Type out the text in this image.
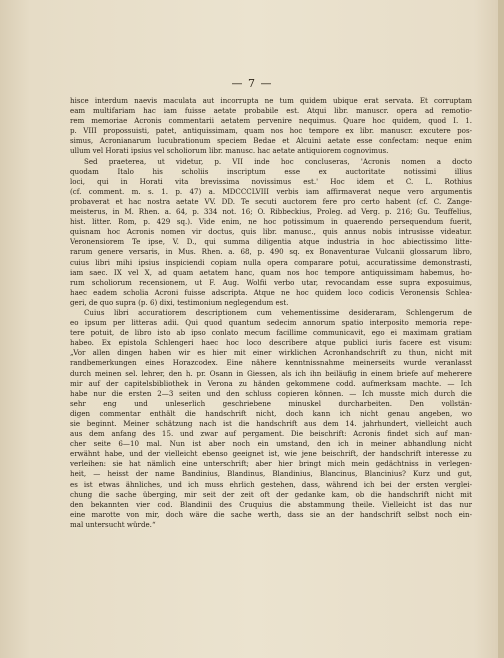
— 7 —

hisce interdum naevis maculata aut incorrupta ne tum quidem ubique erat servata. Et corruptam
eam multifariam hac iam fuisse aetate probabile est. Atqui libr. manuscr. opera ad remotio-
rem memoriae Acronis commentarii aetatem pervenire nequimus. Quare hoc quidem, quod I. 1.
p. VIII propossuisti, patet, antiquissimam, quam nos hoc tempore ex libr. manuscr. excutere pos-
simus, Acronianarum lucubrationum speciem Bedae et Alcuini aetate esse confectam: neque enim
ullum vel Horati ipsius vel scholiorum libr. manusc. hac aetate antiquiorem cognovimus.

Sed praeterea, ut videtur, p. VII inde hoc concluseras, 'Acronis nomen a docto
quodam Italo his scholiis inscriptum esse ex auctoritate notissimi illius
loci, qui in Horati vita brevissima novissimus est.' Hoc idem et C. L. Rothius
(cf. comment. m. s. 1. p. 47) a. MDCCCLVIII verbis iam affirmaverat neque vero argumentis
probaverat et hac nostra aetate VV. DD. Te secuti auctorem fere pro certo habent (cf. C. Zange-
meisterus, in M. Rhen. a. 64, p. 334 not. 16; O. Ribbeckius, Proleg. ad Verg. p. 216; Gu. Teuffelius,
hist. litter. Rom, p. 429 sq.). Vide enim, ne hoc potissimum in quaerendo persequendum fuerit,
quisnam hoc Acronis nomen vir doctus, quis libr. manusc., quis annus nobis intrusisse videatur.
Veronensiorem Te ipse, V. D., qui summa diligentia atque industria in hoc abiectissimo litte-
rarum genere versaris, in Mus. Rhen. a. 68, p. 490 sq. ex Bonaventurae Vulcanii glossarum libro,
cuius libri mihi ipsius inspiciendi copiam nulla opera comparare potui, accuratissime demonstrasti,
iam saec. IX vel X, ad quam aetatem hanc, quam nos hoc tempore antiquissimam habemus, ho-
rum scholiorum recensionem, ut F. Aug. Wolfii verbo utar, revocandam esse supra exposuimus,
haec eadem scholia Acroni fuisse adscripta. Atque ne hoc quidem loco codicis Veronensis Schlea-
geri, de quo supra (p. 6) dixi, testimonium neglegendum est.

Cuius libri accuratiorem descriptionem cum vehementissime desideraram, Schlengerum de
eo ipsum per litteras adii. Qui quod quantum sedecim annorum spatio interposito memoria repe-
tere potuit, de libro isto ab ipso conlato mecum facillime communicavit, ego ei maximam gratiam
habeo. Ex epistola Schlengeri haec hoc loco describere atque publici iuris facere est visum:
„Vor allen dingen haben wir es hier mit einer wirklichen Acronhandschrift zu thun, nicht mit
randbemerkungen eines Horazcodex. Eine nähere kenntnissnahme meinerseits wurde veranlasst
durch meinen sel. lehrer, den h. pr. Osann in Giessen, als ich ihn beiläufig in einem briefe auf meherere
mir auf der capitelsbibliothek in Verona zu händen gekommene codd. aufmerksam machte. — Ich
habe nur die ersten 2—3 seiten und den schluss copieren können. — Ich musste mich durch die
sehr eng und unleserlich geschriebene minuskel durcharbeiten. Den vollstän-
digen commentar enthält die handschrift nicht, doch kann ich nicht genau angeben, wo
sie beginnt. Meiner schätzung nach ist die handschrift aus dem 14. jahrhundert, vielleicht auch
aus dem anfang des 15. und zwar auf pergament. Die beischrift: Acronis findet sich auf man-
cher seite 6—10 mal. Nun ist aber noch ein umstand, den ich in meiner abhandlung nicht
erwähnt habe, und der vielleicht ebenso geeignet ist, wie jene beischrift, der handschrift interesse zu
verleihen: sie hat nämlich eine unterschrift; aber hier bringt mich mein gedächtniss in verlegen-
heit, — heisst der name Bandinius, Blandinus, Blandinius, Blancinus, Blancinius? Kurz und gut,
es ist etwas ähnliches, und ich muss ehrlich gestehen, dass, während ich bei der ersten verglei-
chung die sache überging, mir seit der zeit oft der gedanke kam, ob die handschrift nicht mit
den bekannten vier cod. Blandinii des Cruquius die abstammung theile. Vielleicht ist das nur
eine marotte von mir, doch wäre die sache werth, dass sie an der handschrift selbst noch ein-
mal untersucht würde.“
